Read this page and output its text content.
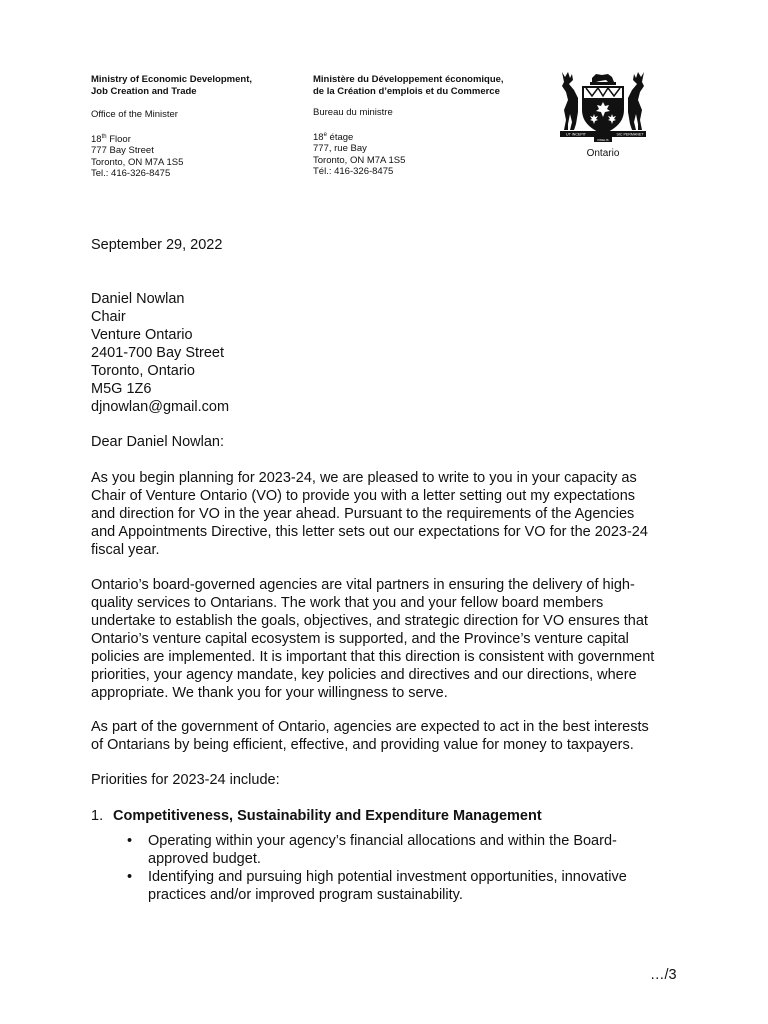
Ministry of Economic Development,
Job Creation and Trade
Office of the Minister
18th Floor
777 Bay Street
Toronto, ON M7A 1S5
Tel.: 416-326-8475
Ministère du Développement économique,
de la Création d’emplois et du Commerce
Bureau du ministre
18e étage
777, rue Bay
Toronto, ON M7A 1S5
Tél.: 416-326-8475
UT INCEPIT	SIC PERMANET
FIDELIS
Ontario
September 29, 2022
Daniel Nowlan
Chair
Venture Ontario
2401-700 Bay Street
Toronto, Ontario
M5G 1Z6
djnowlan@gmail.com
Dear Daniel Nowlan:
As you begin planning for 2023-24, we are pleased to write to you in your capacity as
Chair of Venture Ontario (VO) to provide you with a letter setting out my expectations
and direction for VO in the year ahead. Pursuant to the requirements of the Agencies
and Appointments Directive, this letter sets out our expectations for VO for the 2023-24
fiscal year.
Ontario’s board-governed agencies are vital partners in ensuring the delivery of high-
quality services to Ontarians. The work that you and your fellow board members
undertake to establish the goals, objectives, and strategic direction for VO ensures that
Ontario’s venture capital ecosystem is supported, and the Province’s venture capital
policies are implemented. It is important that this direction is consistent with government
priorities, your agency mandate, key policies and directives and our directions, where
appropriate. We thank you for your willingness to serve.
As part of the government of Ontario, agencies are expected to act in the best interests
of Ontarians by being efficient, effective, and providing value for money to taxpayers.
Priorities for 2023-24 include:
1. Competitiveness, Sustainability and Expenditure Management
• Operating within your agency’s financial allocations and within the Board-
approved budget.
• Identifying and pursuing high potential investment opportunities, innovative
practices and/or improved program sustainability.
…/3
